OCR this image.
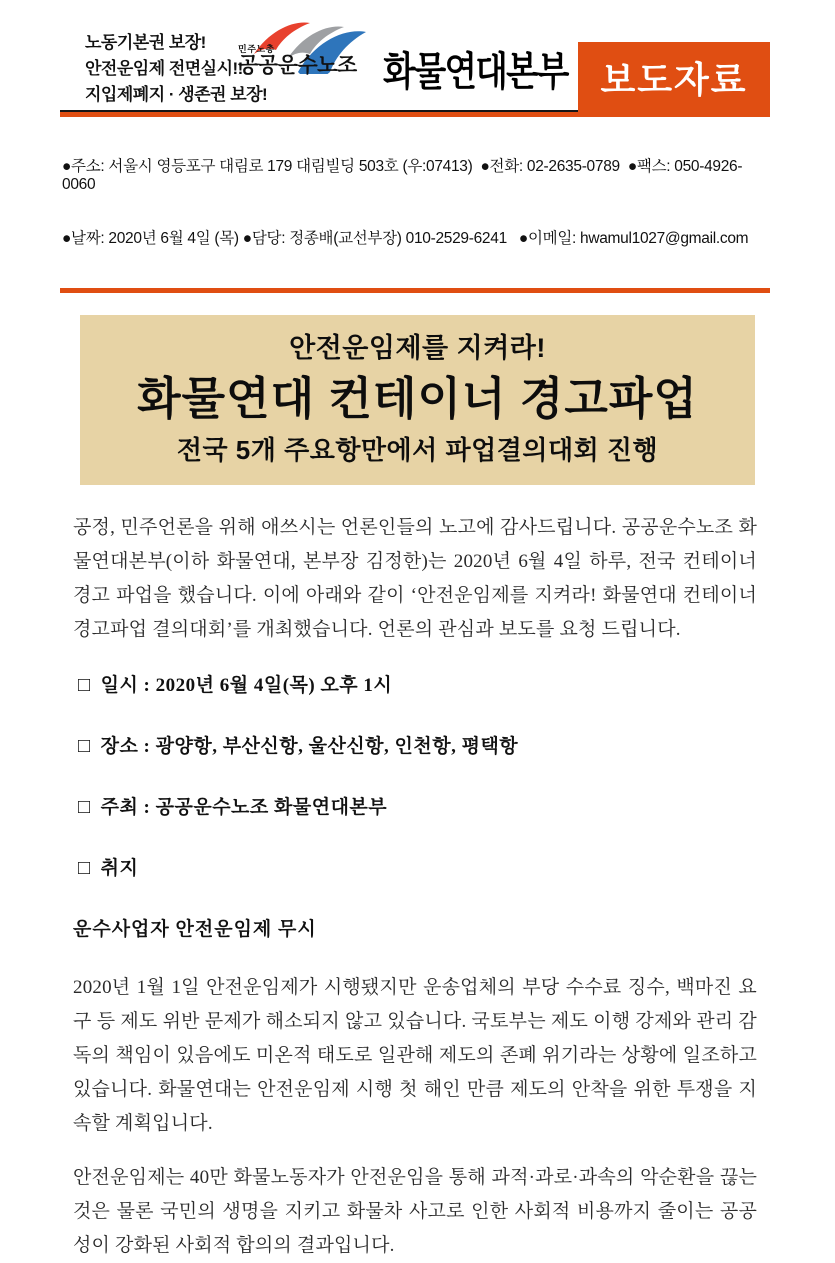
노동기본권 보장!
안전운임제 전면실시!!
지입제폐지 · 생존권 보장!
민주노총
공공운수노조 화물연대본부 보도자료

●주소: 서울시 영등포구 대림로 179 대림빌딩 503호 (우:07413)  ●전화: 02-2635-0789  ●팩스: 050-4926-0060

●날짜: 2020년 6월 4일 (목) ●담당: 정종배(교선부장) 010-2529-6241   ●이메일: hwamul1027@gmail.com

안전운임제를 지켜라!
화물연대 컨테이너 경고파업
전국 5개 주요항만에서 파업결의대회 진행

공정, 민주언론을 위해 애쓰시는 언론인들의 노고에 감사드립니다. 공공운수노조 화물연대본부(이하 화물연대, 본부장 김정한)는 2020년 6월 4일 하루, 전국 컨테이너 경고 파업을 했습니다. 이에 아래와 같이 ‘안전운임제를 지켜라! 화물연대 컨테이너 경고파업 결의대회’를 개최했습니다. 언론의 관심과 보도를 요청 드립니다.

□ 일시 : 2020년 6월 4일(목) 오후 1시
□ 장소 : 광양항, 부산신항, 울산신항, 인천항, 평택항
□ 주최 : 공공운수노조 화물연대본부
□ 취지
운수사업자 안전운임제 무시

2020년 1월 1일 안전운임제가 시행됐지만 운송업체의 부당 수수료 징수, 백마진 요구 등 제도 위반 문제가 해소되지 않고 있습니다. 국토부는 제도 이행 강제와 관리 감독의 책임이 있음에도 미온적 태도로 일관해 제도의 존폐 위기라는 상황에 일조하고 있습니다. 화물연대는 안전운임제 시행 첫 해인 만큼 제도의 안착을 위한 투쟁을 지속할 계획입니다.

안전운임제는 40만 화물노동자가 안전운임을 통해 과적·과로·과속의 악순환을 끊는 것은 물론 국민의 생명을 지키고 화물차 사고로 인한 사회적 비용까지 줄이는 공공성이 강화된 사회적 합의의 결과입니다.
